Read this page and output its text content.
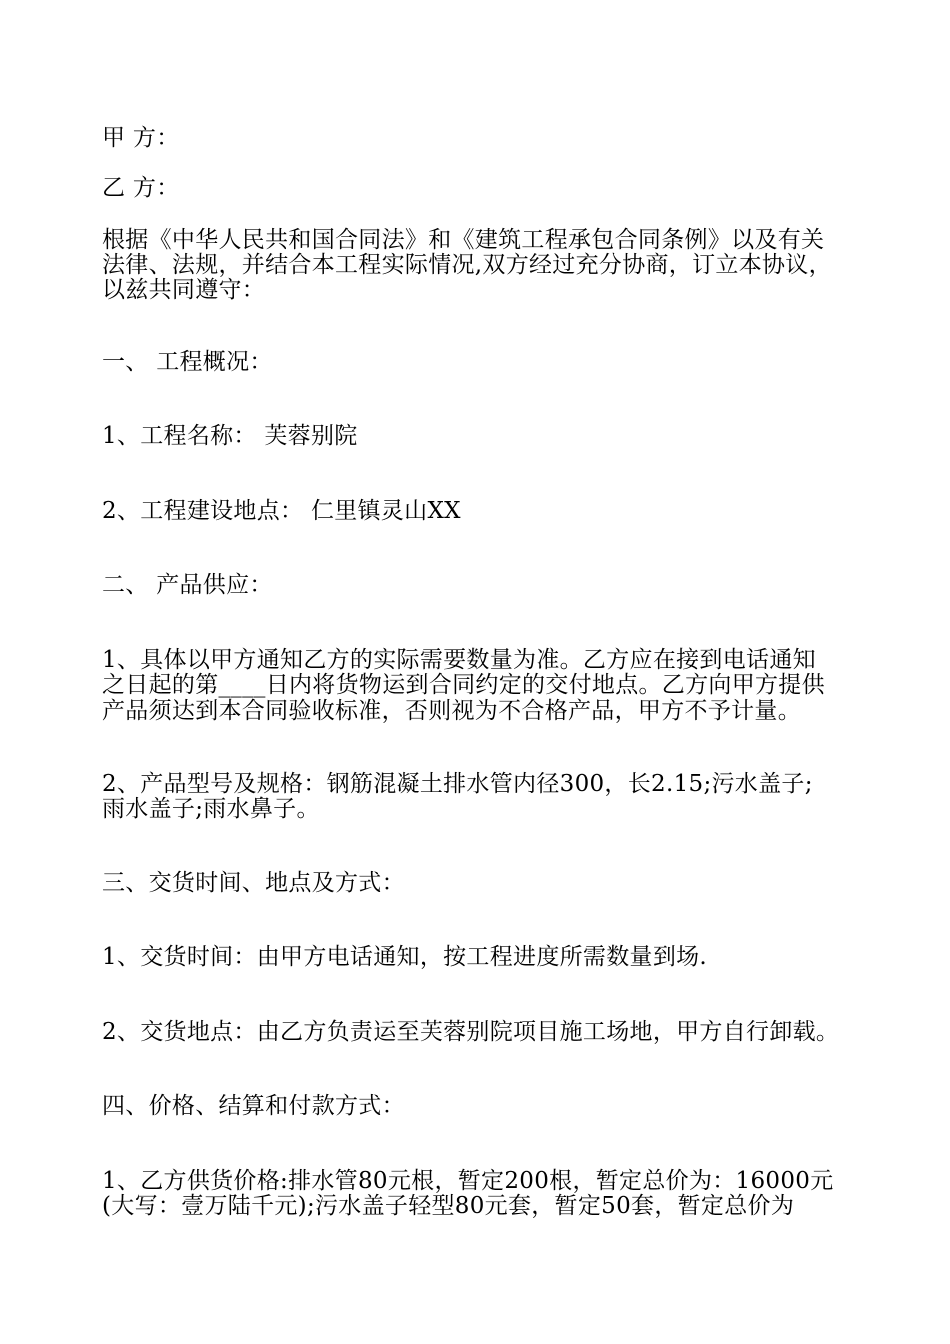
甲 方：
乙 方：
根据《中华人民共和国合同法》和《建筑工程承包合同条例》以及有关
法律、法规，并结合本工程实际情况,双方经过充分协商，订立本协议，
以兹共同遵守：
一、 工程概况：
1、工程名称： 芙蓉别院
2、工程建设地点： 仁里镇灵山XX
二、 产品供应：
1、具体以甲方通知乙方的实际需要数量为准。乙方应在接到电话通知
之日起的第____日内将货物运到合同约定的交付地点。乙方向甲方提供
产品须达到本合同验收标准，否则视为不合格产品，甲方不予计量。
2、产品型号及规格：钢筋混凝土排水管内径300，长2.15;污水盖子;
雨水盖子;雨水鼻子。
三、交货时间、地点及方式：
1、交货时间：由甲方电话通知，按工程进度所需数量到场.
2、交货地点：由乙方负责运至芙蓉别院项目施工场地，甲方自行卸载。
四、价格、结算和付款方式：
1、乙方供货价格:排水管80元根，暂定200根，暂定总价为：16000元
(大写：壹万陆千元);污水盖子轻型80元套，暂定50套，暂定总价为
